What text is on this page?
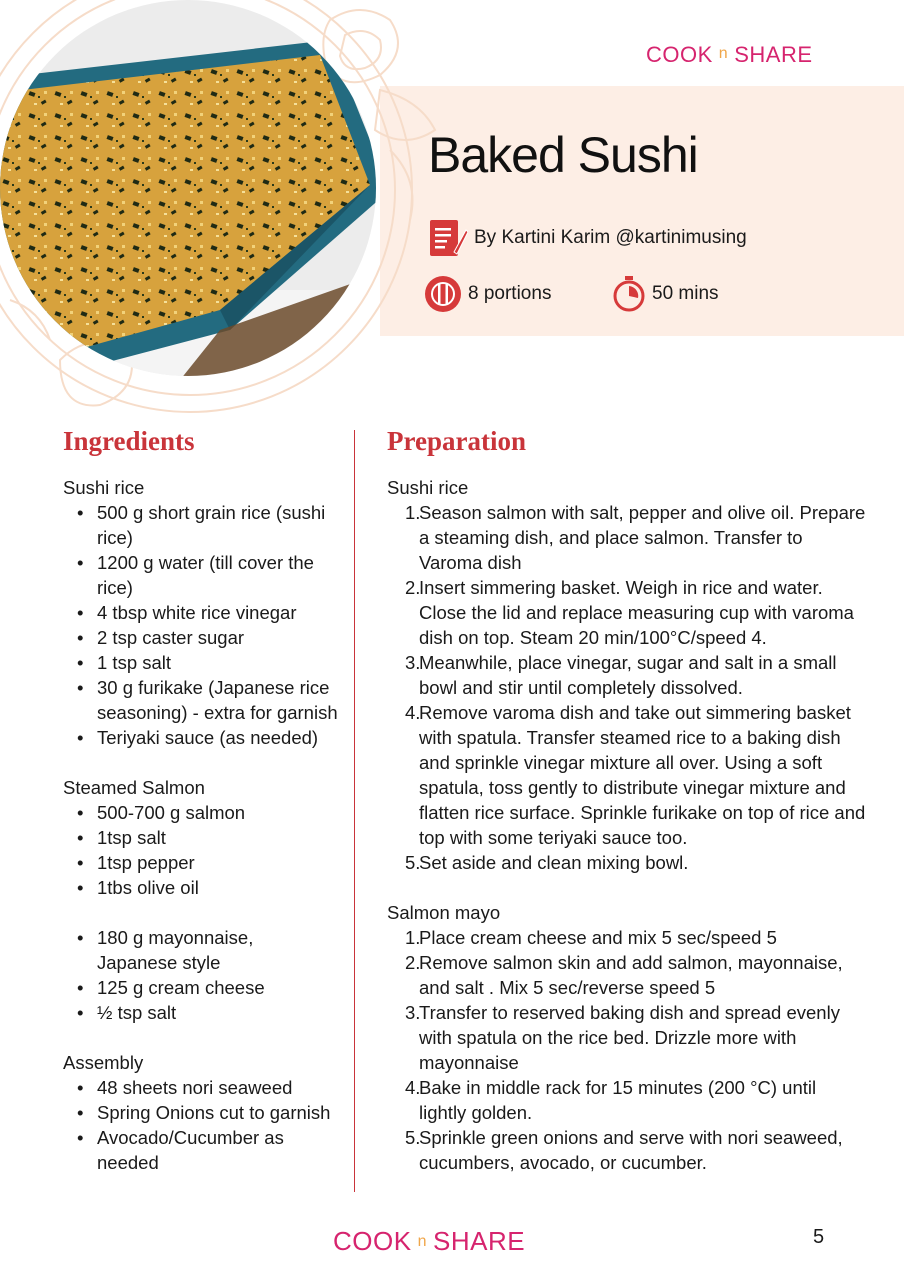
COOK n SHARE
Baked Sushi
By Kartini Karim @kartinimusing
8 portions	50 mins
Ingredients	Preparation

Sushi rice

• 500 g short grain rice (sushi rice)
• 1200 g water (till cover the rice)
• 4 tbsp white rice vinegar
• 2 tsp caster sugar
• 1 tsp salt
• 30 g furikake (Japanese rice seasoning) - extra for garnish
• Teriyaki sauce (as needed)

Steamed Salmon

• 500-700 g salmon
• 1tsp salt
• 1tsp pepper
• 1tbs olive oil
• 180 g mayonnaise, Japanese style
• 125 g cream cheese
• ½ tsp salt

Assembly

• 48 sheets nori seaweed
• Spring Onions cut to garnish
• Avocado/Cucumber as needed

Sushi rice

1.
Season salmon with salt, pepper and olive oil. Prepare a steaming dish, and place salmon. Transfer to Varoma dish
2.
Insert simmering basket. Weigh in rice and water. Close the lid and replace measuring cup with varoma dish on top. Steam 20 min/100°C/speed 4.
3.
Meanwhile, place vinegar, sugar and salt in a small bowl and stir until completely dissolved.
4.
Remove varoma dish and take out simmering basket with spatula. Transfer steamed rice to a baking dish and sprinkle vinegar mixture all over. Using a soft spatula, toss gently to distribute vinegar mixture and flatten rice surface. Sprinkle furikake on top of rice and top with some teriyaki sauce too.
5.
Set aside and clean mixing bowl.

Salmon mayo

1.
Place cream cheese and mix 5 sec/speed 5
2.
Remove salmon skin and add salmon, mayonnaise, and salt . Mix 5 sec/reverse speed 5
3.
Transfer to reserved baking dish and spread evenly with spatula on the rice bed. Drizzle more with mayonnaise
4.
Bake in middle rack for 15 minutes (200 °C) until lightly golden.
5.
Sprinkle green onions and serve with nori seaweed, cucumbers, avocado, or cucumber.
COOK n SHARE	5
